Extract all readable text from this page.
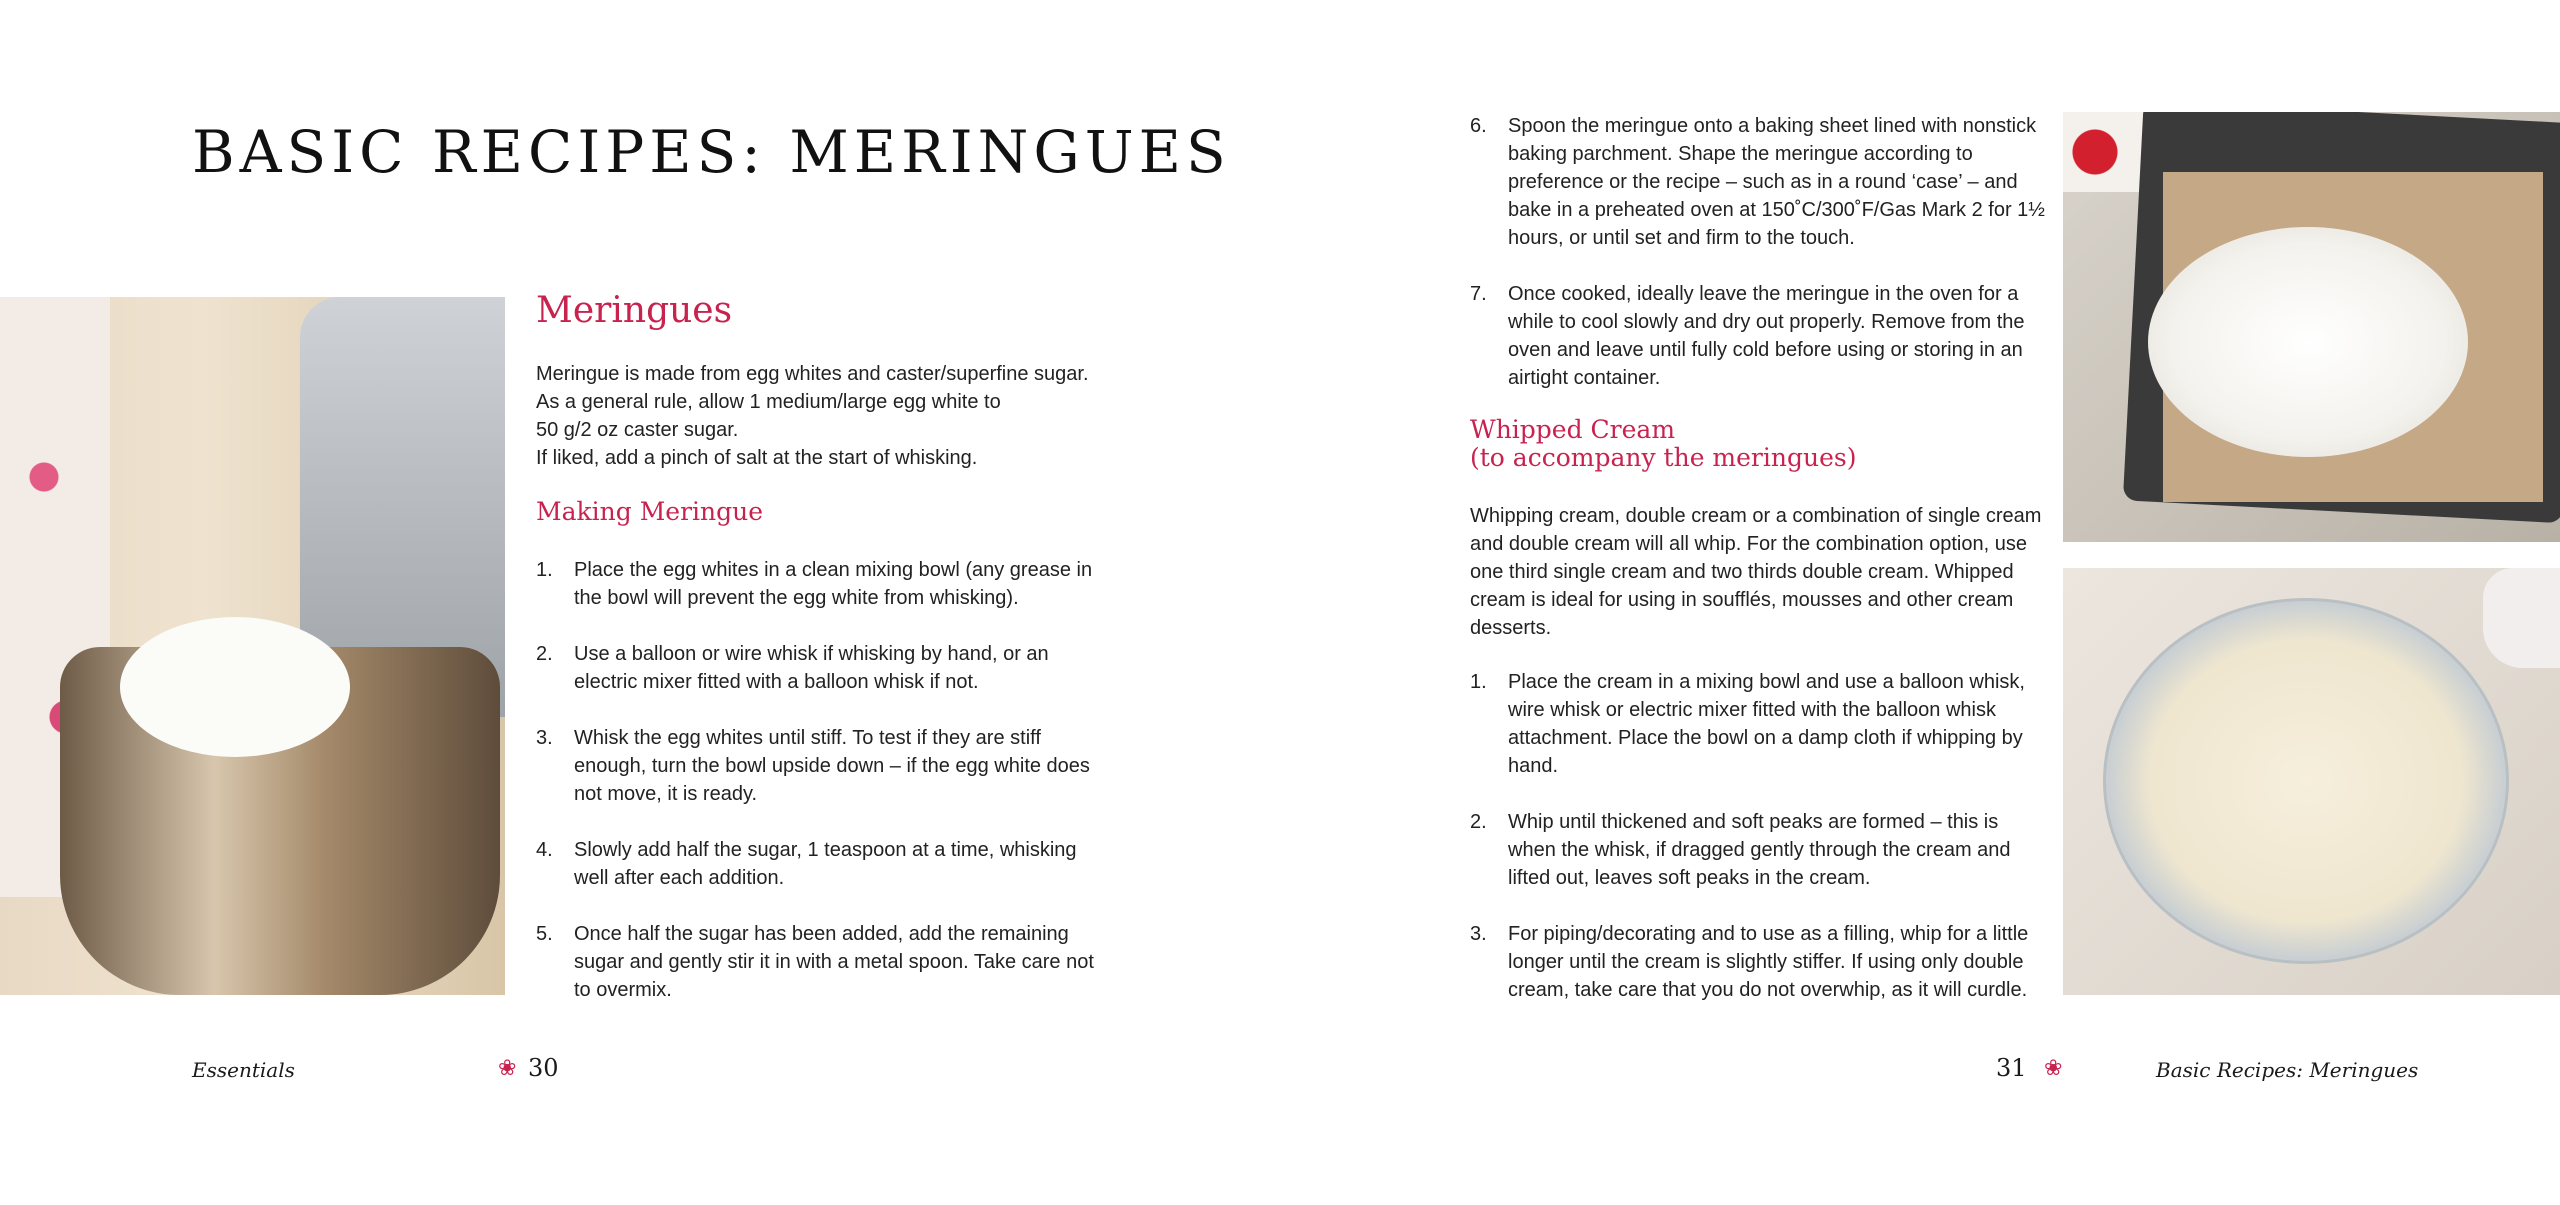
BASIC RECIPES: MERINGUES
Meringues
Meringue is made from egg whites and caster/superfine sugar.
As a general rule, allow 1 medium/large egg white to
50 g/2 oz caster sugar.
If liked, add a pinch of salt at the start of whisking.
Making Meringue
1. Place the egg whites in a clean mixing bowl (any grease in the bowl will prevent the egg white from whisking).
2. Use a balloon or wire whisk if whisking by hand, or an electric mixer fitted with a balloon whisk if not.
3. Whisk the egg whites until stiff. To test if they are stiff enough, turn the bowl upside down – if the egg white does not move, it is ready.
4. Slowly add half the sugar, 1 teaspoon at a time, whisking well after each addition.
5. Once half the sugar has been added, add the remaining sugar and gently stir it in with a metal spoon. Take care not to overmix.
6. Spoon the meringue onto a baking sheet lined with nonstick baking parchment. Shape the meringue according to preference or the recipe – such as in a round ‘case’ – and bake in a preheated oven at 150˚C/300˚F/Gas Mark 2 for 1½ hours, or until set and firm to the touch.
7. Once cooked, ideally leave the meringue in the oven for a while to cool slowly and dry out properly. Remove from the oven and leave until fully cold before using or storing in an airtight container.
Whipped Cream
(to accompany the meringues)

Whipping cream, double cream or a combination of single cream and double cream will all whip. For the combination option, use one third single cream and two thirds double cream. Whipped cream is ideal for using in soufflés, mousses and other cream desserts.

1. Place the cream in a mixing bowl and use a balloon whisk, wire whisk or electric mixer fitted with the balloon whisk attachment. Place the bowl on a damp cloth if whipping by hand.
2. Whip until thickened and soft peaks are formed – this is when the whisk, if dragged gently through the cream and lifted out, leaves soft peaks in the cream.
3. For piping/decorating and to use as a filling, whip for a little longer until the cream is slightly stiffer. If using only double cream, take care that you do not overwhip, as it will curdle.
Essentials	❀ 30	31 ❀	Basic Recipes: Meringues
